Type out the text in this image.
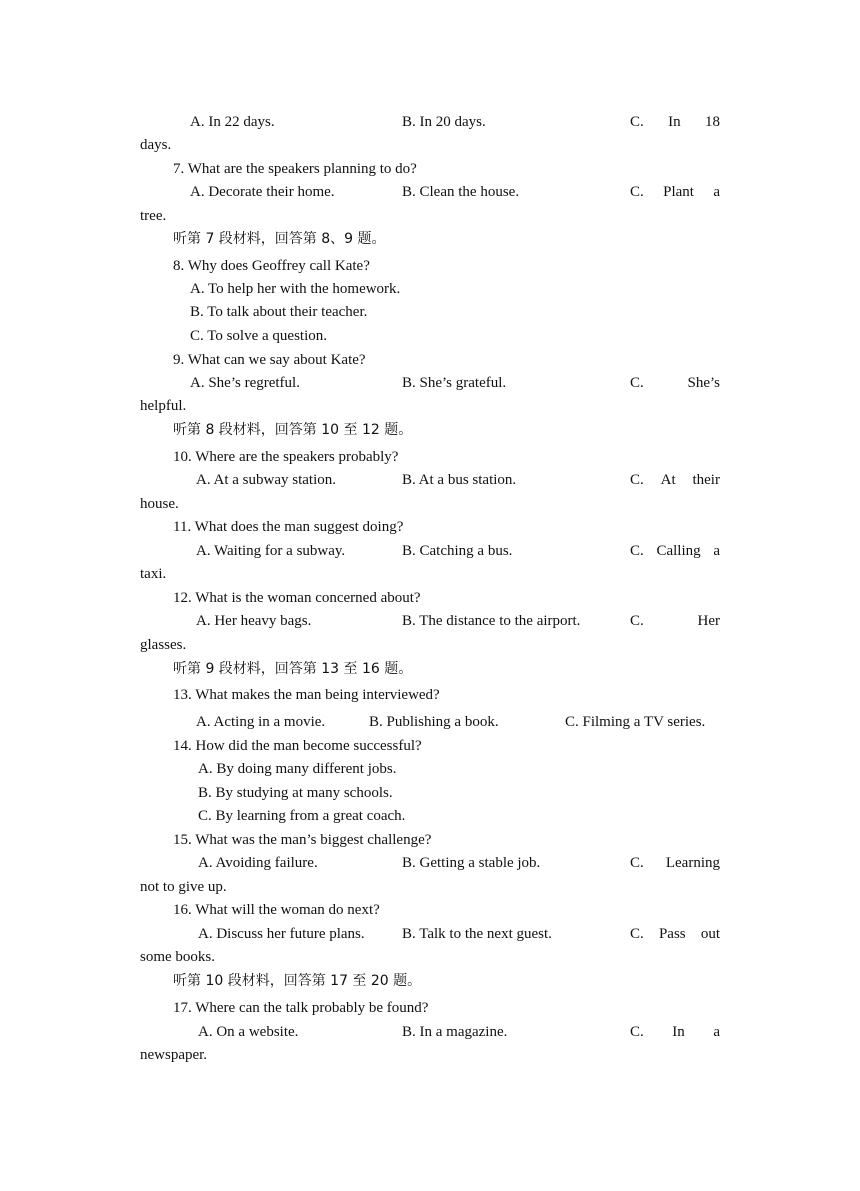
A. In 22 days.	B. In 20 days.	C. In 18
days.
7. What are the speakers planning to do?
A. Decorate their home.	B. Clean the house.	C. Plant a
tree.
听第 7 段材料，回答第 8、9 题。
8. Why does Geoffrey call Kate?
A. To help her with the homework.
B. To talk about their teacher.
C. To solve a question.
9. What can we say about Kate?
A. She’s regretful.	B. She’s grateful.	C.	She’s
helpful.
听第 8 段材料，回答第 10 至 12 题。
10. Where are the speakers probably?
A. At a subway station.	B. At a bus station.	C. At their
house.
11. What does the man suggest doing?
A. Waiting for a subway.	B. Catching a bus.	C. Calling a
taxi.
12. What is the woman concerned about?
A. Her heavy bags.	B. The distance to the airport.	C.	Her
glasses.
听第 9 段材料，回答第 13 至 16 题。
13. What makes the man being interviewed?
A. Acting in a movie.	B. Publishing a book.	C. Filming a TV series.
14. How did the man become successful?
A. By doing many different jobs.
B. By studying at many schools.
C. By learning from a great coach.
15. What was the man’s biggest challenge?
A. Avoiding failure.	B. Getting a stable job.	C. Learning
not to give up.
16. What will the woman do next?
A. Discuss her future plans. B. Talk to the next guest.	C. Pass out
some books.
听第 10 段材料，回答第 17 至 20 题。
17. Where can the talk probably be found?
A. On a website.	B. In a magazine.	C. In a
newspaper.
